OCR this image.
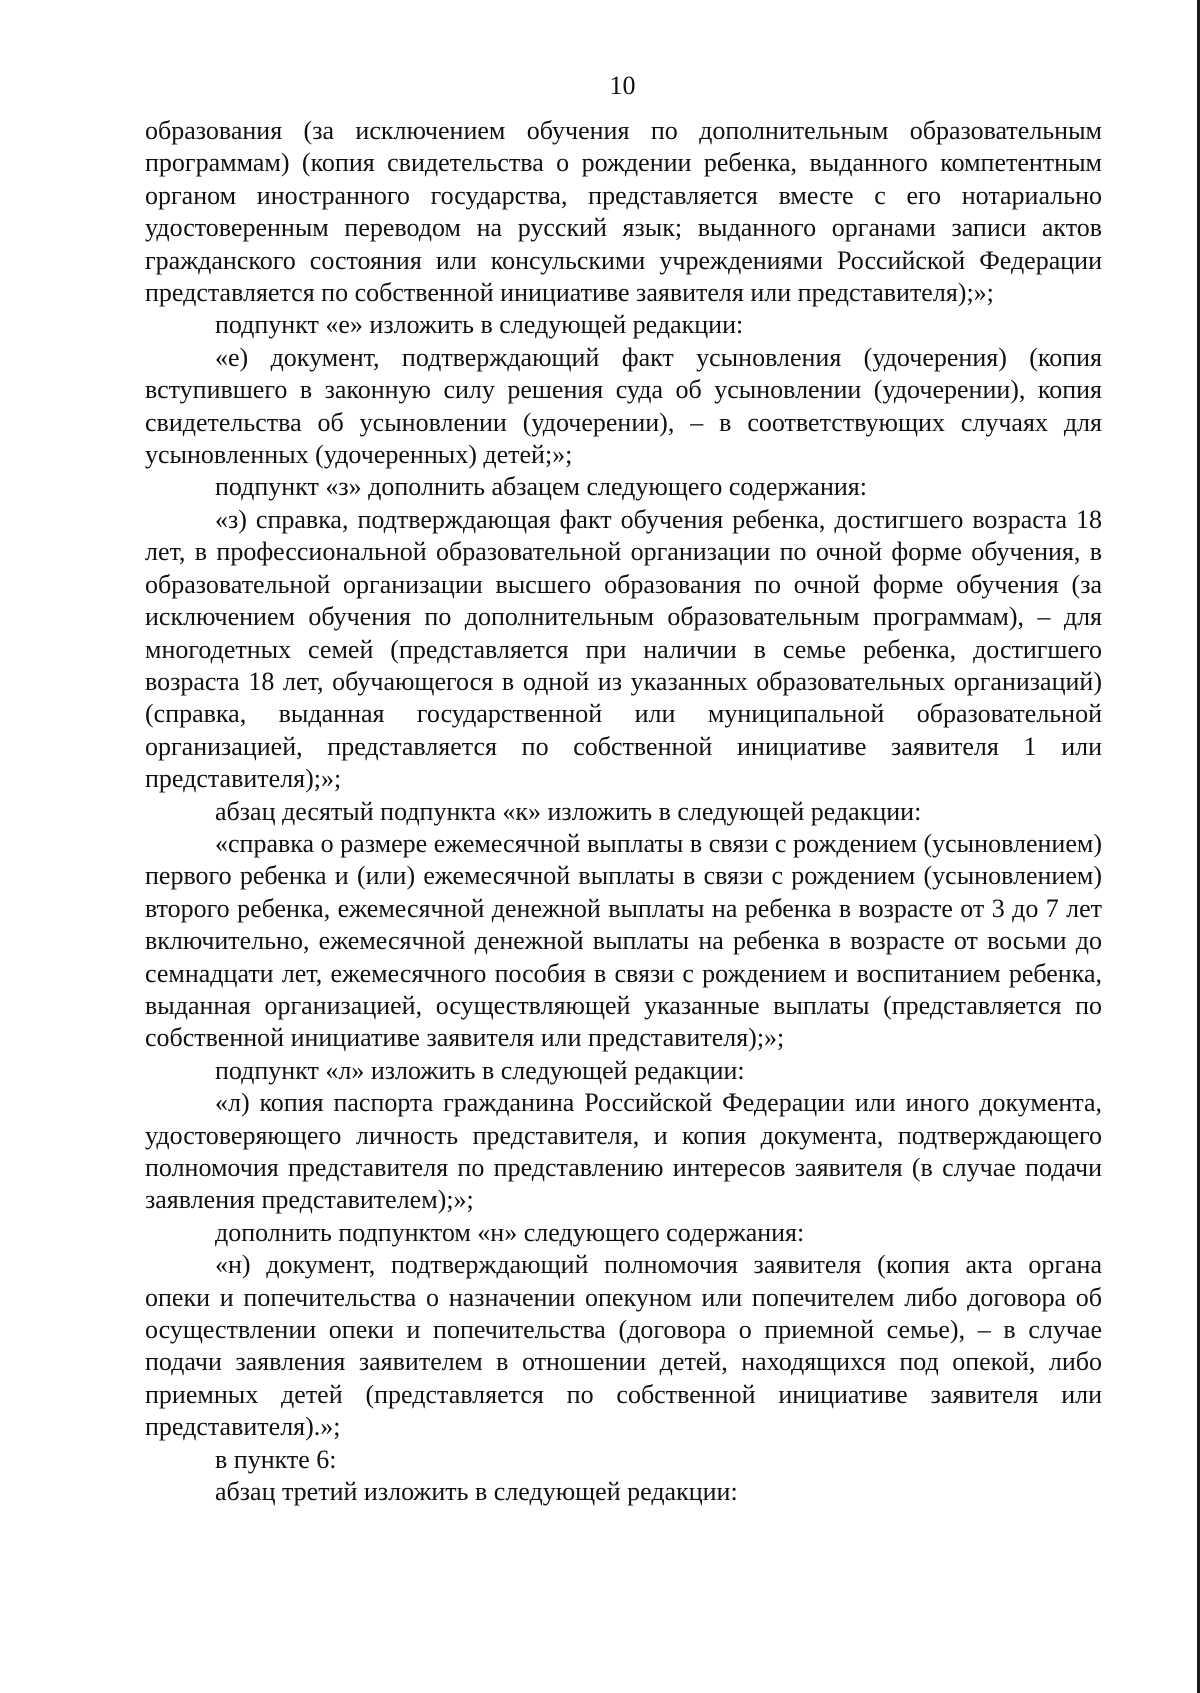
10

образования (за исключением обучения по дополнительным образовательным программам) (копия свидетельства о рождении ребенка, выданного компетентным органом иностранного государства, представляется вместе с его нотариально удостоверенным переводом на русский язык; выданного органами записи актов гражданского состояния или консульскими учреждениями Российской Федерации представляется по собственной инициативе заявителя или представителя);»;

подпункт «е» изложить в следующей редакции:

«е) документ, подтверждающий факт усыновления (удочерения) (копия вступившего в законную силу решения суда об усыновлении (удочерении), копия свидетельства об усыновлении (удочерении), – в соответствующих случаях для усыновленных (удочеренных) детей;»;

подпункт «з» дополнить абзацем следующего содержания:

«з) справка, подтверждающая факт обучения ребенка, достигшего возраста 18 лет, в профессиональной образовательной организации по очной форме обучения, в образовательной организации высшего образования по очной форме обучения (за исключением обучения по дополнительным образовательным программам), – для многодетных семей (представляется при наличии в семье ребенка, достигшего возраста 18 лет, обучающегося в одной из указанных образовательных организаций) (справка, выданная государственной или муниципальной образовательной организацией, представляется по собственной инициативе заявителя 1 или представителя);»;

абзац десятый подпункта «к» изложить в следующей редакции:

«справка о размере ежемесячной выплаты в связи с рождением (усыновлением) первого ребенка и (или) ежемесячной выплаты в связи с рождением (усыновлением) второго ребенка, ежемесячной денежной выплаты на ребенка в возрасте от 3 до 7 лет включительно, ежемесячной денежной выплаты на ребенка в возрасте от восьми до семнадцати лет, ежемесячного пособия в связи с рождением и воспитанием ребенка, выданная организацией, осуществляющей указанные выплаты (представляется по собственной инициативе заявителя или представителя);»;

подпункт «л» изложить в следующей редакции:

«л) копия паспорта гражданина Российской Федерации или иного документа, удостоверяющего личность представителя, и копия документа, подтверждающего полномочия представителя по представлению интересов заявителя (в случае подачи заявления представителем);»;

дополнить подпунктом «н» следующего содержания:

«н) документ, подтверждающий полномочия заявителя (копия акта органа опеки и попечительства о назначении опекуном или попечителем либо договора об осуществлении опеки и попечительства (договора о приемной семье), – в случае подачи заявления заявителем в отношении детей, находящихся под опекой, либо приемных детей (представляется по собственной инициативе заявителя или представителя).»;

в пункте 6:

абзац третий изложить в следующей редакции:
